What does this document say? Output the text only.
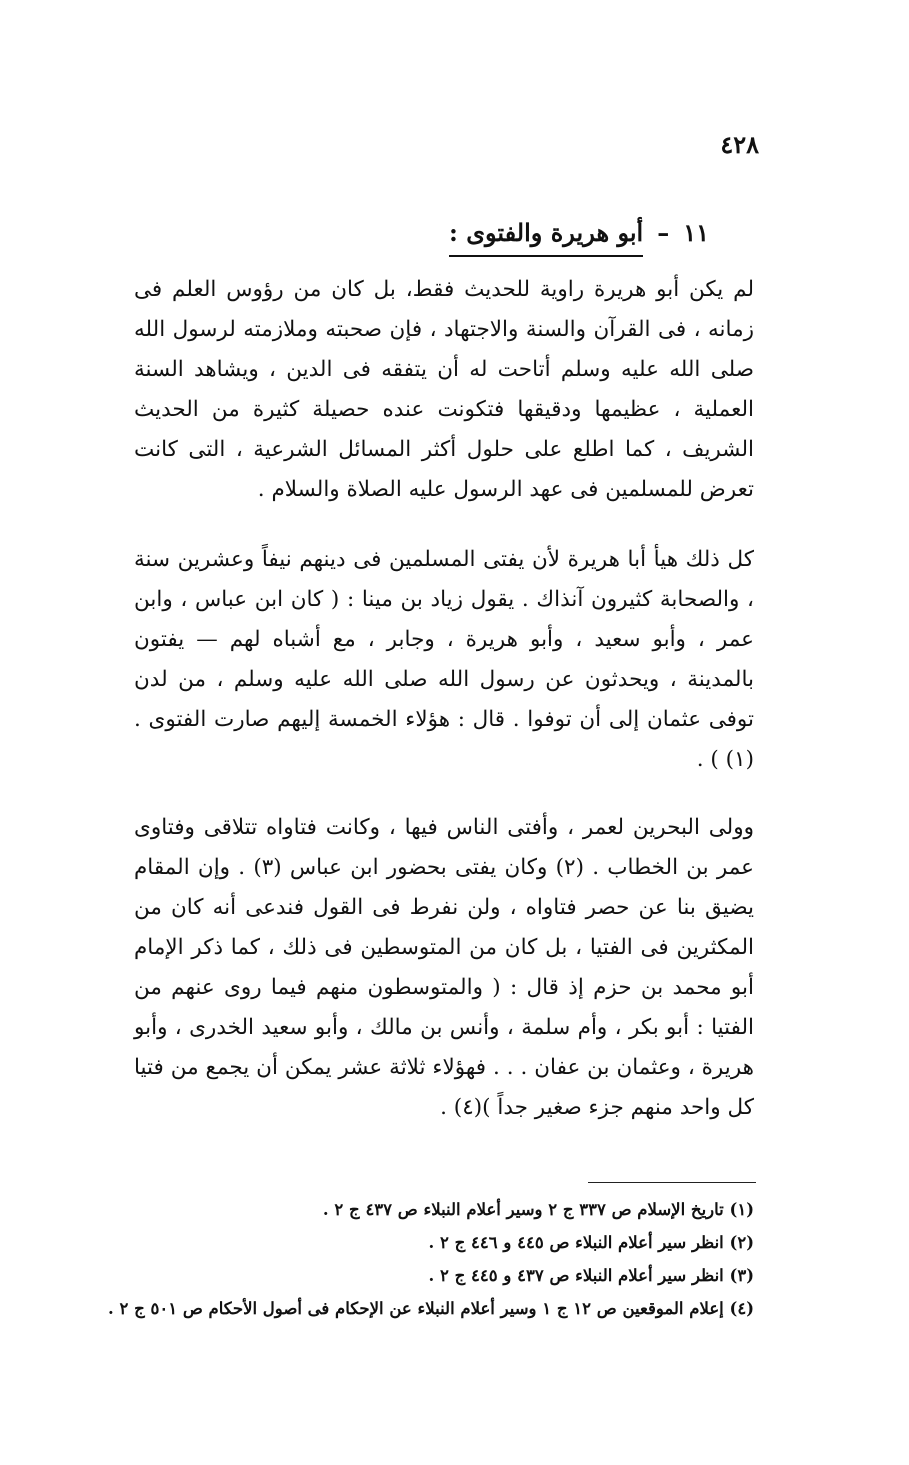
٤٢٨
١١–أبو هريرة والفتوى :

لم يكن أبو هريرة راوية للحديث فقط، بل كان من رؤوس العلم فى زمانه ، فى القرآن والسنة والاجتهاد ، فإن صحبته وملازمته لرسول الله صلى الله عليه وسلم أتاحت له أن يتفقه فى الدين ، ويشاهد السنة العملية ، عظيمها ودقيقها فتكونت عنده حصيلة كثيرة من الحديث الشريف ، كما اطلع على حلول أكثر المسائل الشرعية ، التى كانت تعرض للمسلمين فى عهد الرسول عليه الصلاة والسلام .

كل ذلك هيأ أبا هريرة لأن يفتى المسلمين فى دينهم نيفاً وعشرين سنة ، والصحابة كثيرون آنذاك . يقول زياد بن مينا : ( كان ابن عباس ، وابن عمر ، وأبو سعيد ، وأبو هريرة ، وجابر ، مع أشباه لهم — يفتون بالمدينة ، ويحدثون عن رسول الله صلى الله عليه وسلم ، من لدن توفى عثمان إلى أن توفوا . قال : هؤلاء الخمسة إليهم صارت الفتوى . (١) ) .

وولى البحرين لعمر ، وأفتى الناس فيها ، وكانت فتاواه تتلاقى وفتاوى عمر بن الخطاب . (٢) وكان يفتى بحضور ابن عباس (٣) . وإن المقام يضيق بنا عن حصر فتاواه ، ولن نفرط فى القول فندعى أنه كان من المكثرين فى الفتيا ، بل كان من المتوسطين فى ذلك ، كما ذكر الإمام أبو محمد بن حزم إذ قال : ( والمتوسطون منهم فيما روى عنهم من الفتيا : أبو بكر ، وأم سلمة ، وأنس بن مالك ، وأبو سعيد الخدرى ، وأبو هريرة ، وعثمان بن عفان . . . فهؤلاء ثلاثة عشر يمكن أن يجمع من فتيا كل واحد منهم جزء صغير جداً )(٤) .

(١) تاريخ الإسلام ص ٣٣٧ ج ٢ وسير أعلام النبلاء ص ٤٣٧ ج ٢ .
(٢) انظر سير أعلام النبلاء ص ٤٤٥ و ٤٤٦ ج ٢ .
(٣) انظر سير أعلام النبلاء ص ٤٣٧ و ٤٤٥ ج ٢ .
(٤) إعلام الموقعين ص ١٢ ج ١ وسير أعلام النبلاء عن الإحكام فى أصول الأحكام ص ٥٠١ ج ٢ .
